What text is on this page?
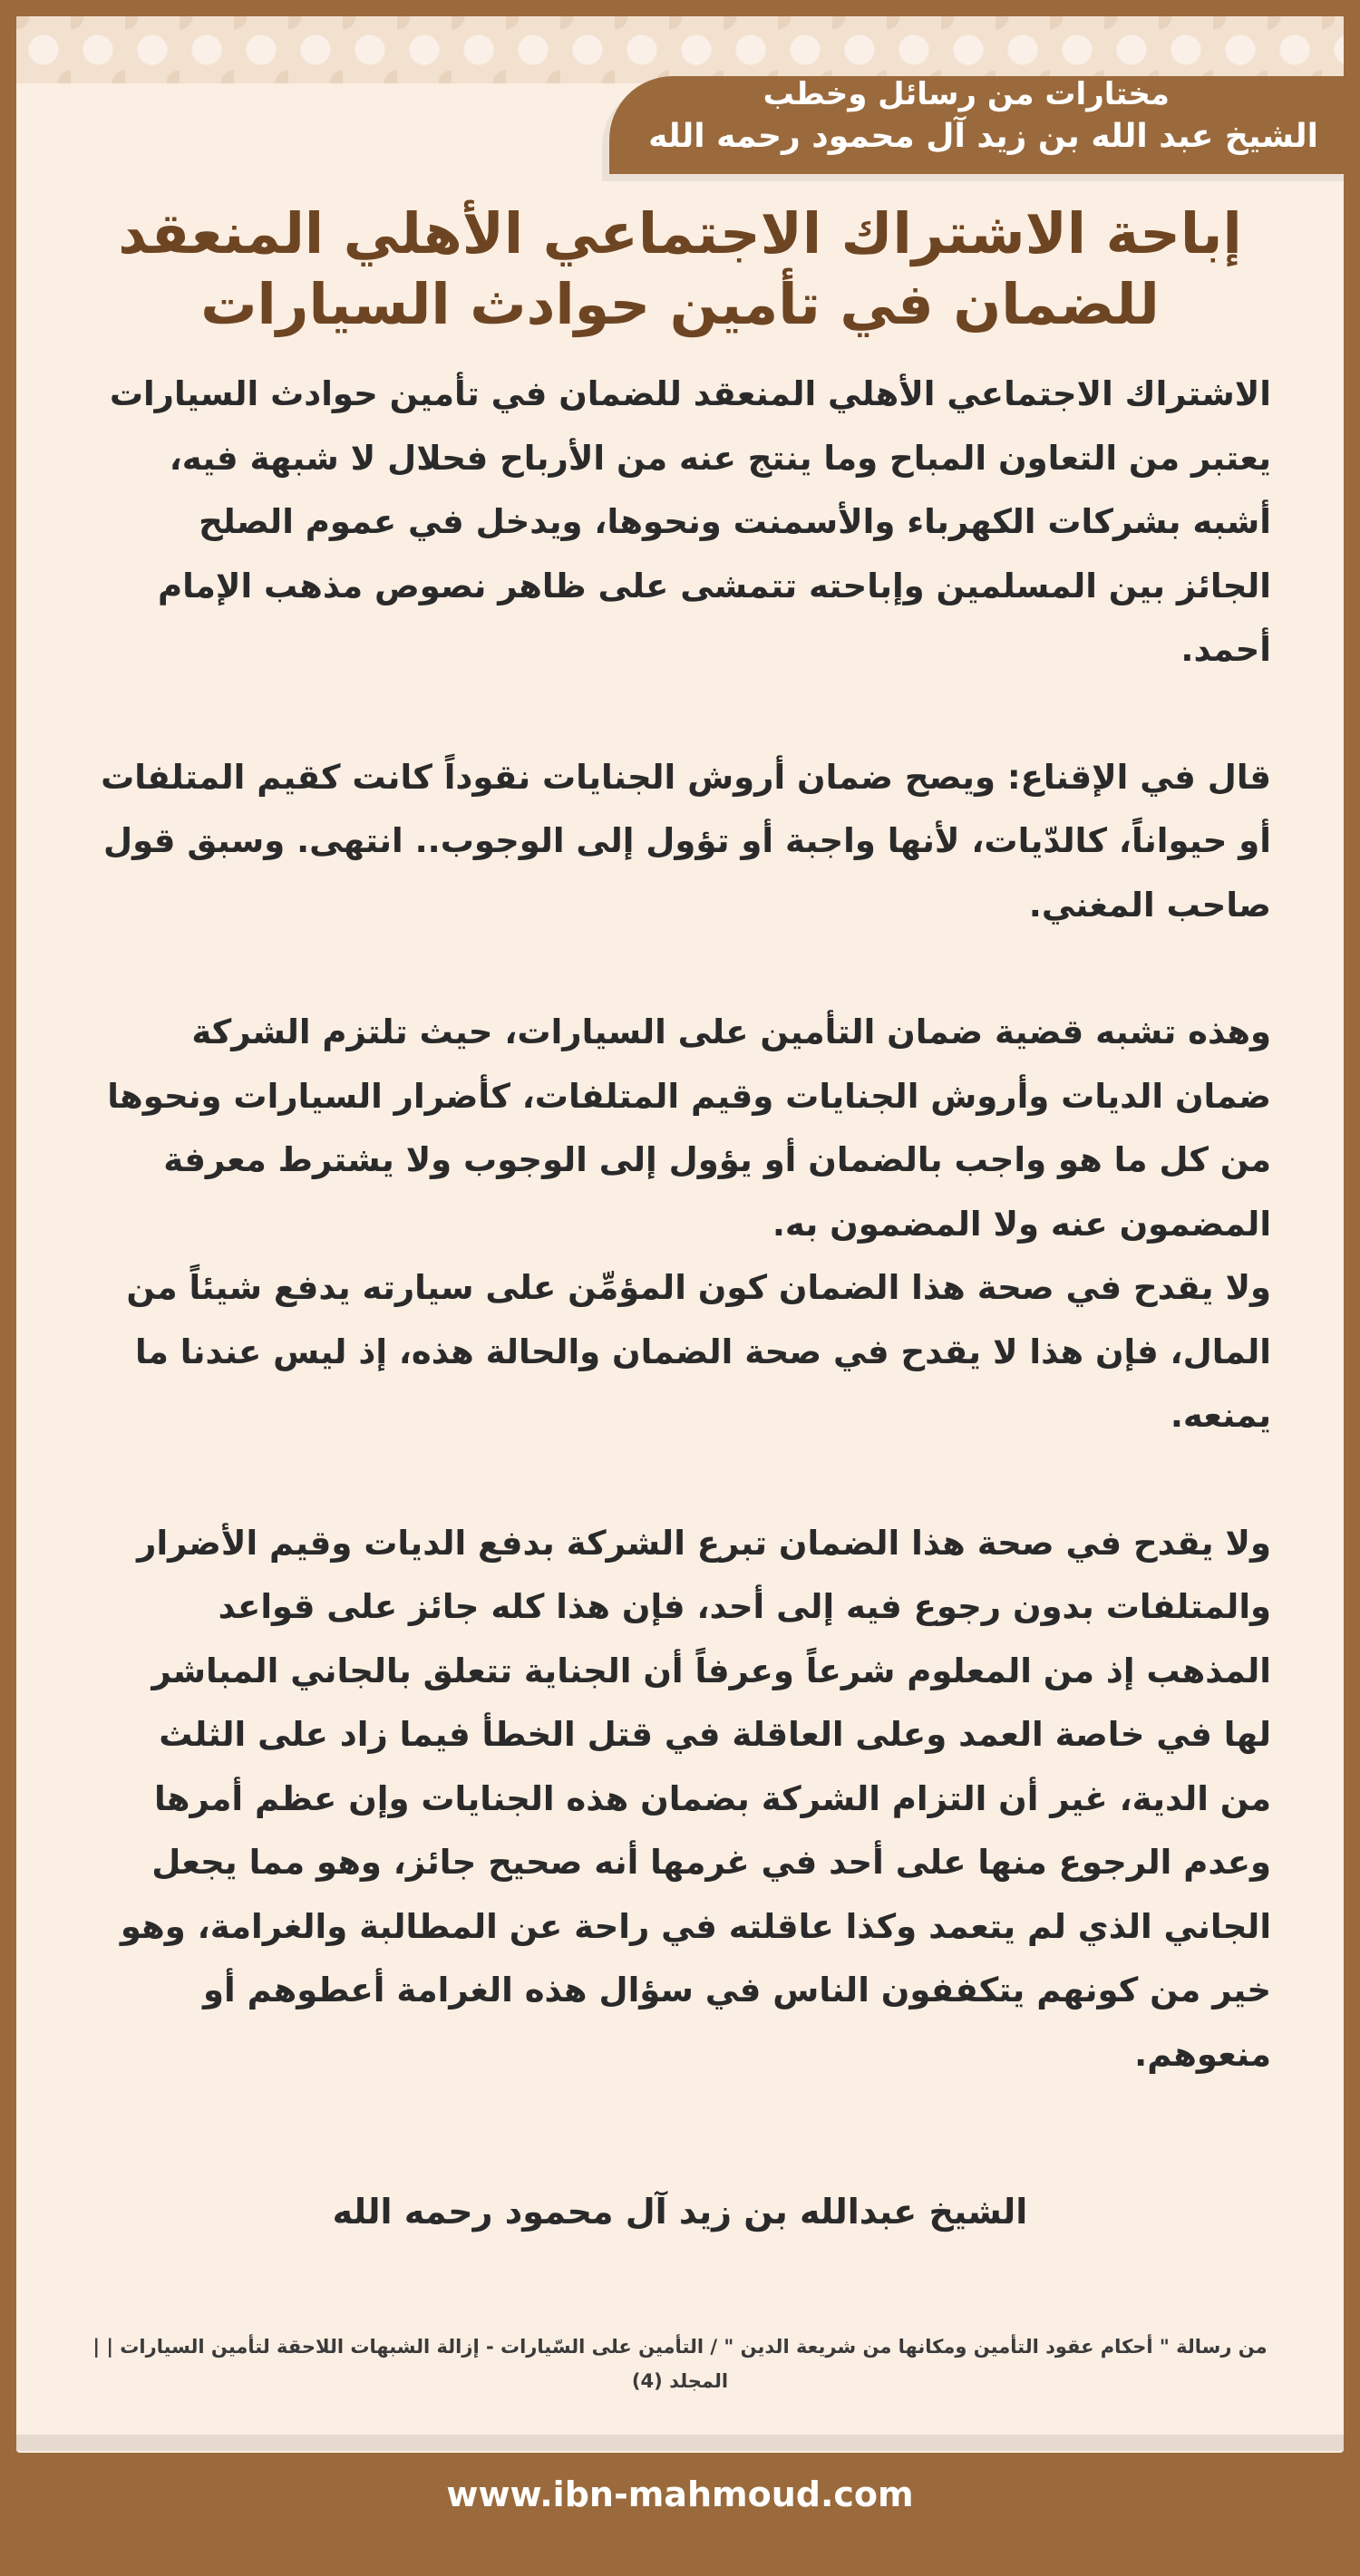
مختارات من رسائل وخطب
الشيخ عبد الله بن زيد آل محمود رحمه الله
إباحة الاشتراك الاجتماعي الأهلي المنعقد
للضمان في تأمين حوادث السيارات

الاشتراك الاجتماعي الأهلي المنعقد للضمان في تأمين حوادث السيارات يعتبر من التعاون المباح وما ينتج عنه من الأرباح فحلال لا شبهة فيه، أشبه بشركات الكهرباء والأسمنت ونحوها، ويدخل في عموم الصلح الجائز بين المسلمين وإباحته تتمشى على ظاهر نصوص مذهب الإمام أحمد.

قال في الإقناع: ويصح ضمان أروش الجنايات نقوداً كانت كقيم المتلفات أو حيواناً، كالدّيات، لأنها واجبة أو تؤول إلى الوجوب.. انتهى. وسبق قول صاحب المغني.

وهذه تشبه قضية ضمان التأمين على السيارات، حيث تلتزم الشركة ضمان الديات وأروش الجنايات وقيم المتلفات، كأضرار السيارات ونحوها من كل ما هو واجب بالضمان أو يؤول إلى الوجوب ولا يشترط معرفة المضمون عنه ولا المضمون به.

ولا يقدح في صحة هذا الضمان كون المؤمِّن على سيارته يدفع شيئاً من المال، فإن هذا لا يقدح في صحة الضمان والحالة هذه، إذ ليس عندنا ما يمنعه.

ولا يقدح في صحة هذا الضمان تبرع الشركة بدفع الديات وقيم الأضرار والمتلفات بدون رجوع فيه إلى أحد، فإن هذا كله جائز على قواعد المذهب إذ من المعلوم شرعاً وعرفاً أن الجناية تتعلق بالجاني المباشر لها في خاصة العمد وعلى العاقلة في قتل الخطأ فيما زاد على الثلث من الدية، غير أن التزام الشركة بضمان هذه الجنايات وإن عظم أمرها وعدم الرجوع منها على أحد في غرمها أنه صحيح جائز، وهو مما يجعل الجاني الذي لم يتعمد وكذا عاقلته في راحة عن المطالبة والغرامة، وهو خير من كونهم يتكففون الناس في سؤال هذه الغرامة أعطوهم أو منعوهم.

الشيخ عبدالله بن زيد آل محمود رحمه الله
من رسالة " أحكام عقود التأمين ومكانها من شريعة الدين " / التأمين على السّيارات - إزالة الشبهات اللاحقة لتأمين السيارات | | المجلد (4)
www.ibn-mahmoud.com
